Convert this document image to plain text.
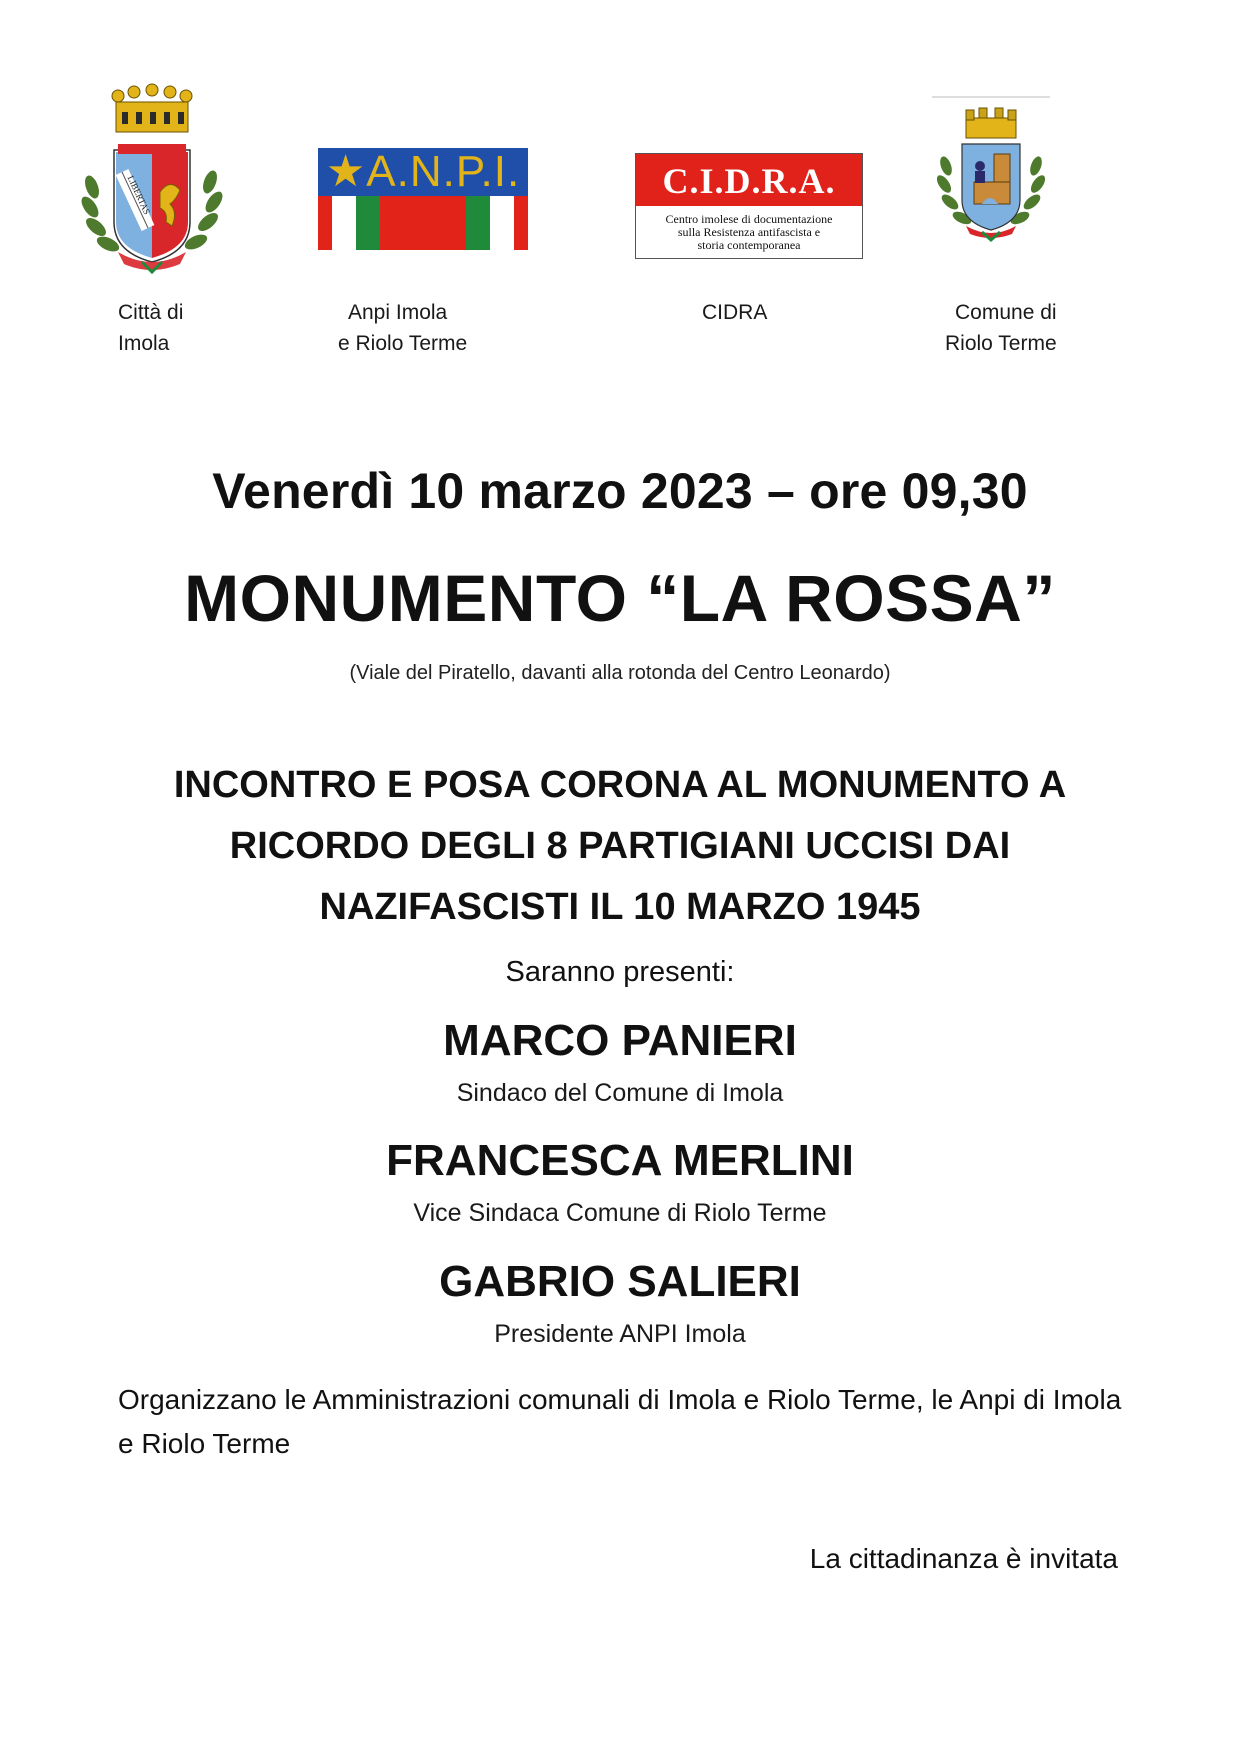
LIBERTAS
Città di
Imola
★A.N.P.I.
Anpi Imola
e Riolo Terme
C.I.D.R.A.
Centro imolese di documentazione
sulla Resistenza antifascista e
storia contemporanea
CIDRA	Comune di
Riolo Terme
Venerdì 10 marzo 2023 – ore 09,30
MONUMENTO “LA ROSSA”
(Viale del Piratello, davanti alla rotonda del Centro Leonardo)
INCONTRO E POSA CORONA AL MONUMENTO A
RICORDO DEGLI 8 PARTIGIANI UCCISI DAI
NAZIFASCISTI IL 10 MARZO 1945
Saranno presenti:
MARCO PANIERI
Sindaco del Comune di Imola
FRANCESCA MERLINI
Vice Sindaca Comune di Riolo Terme
GABRIO SALIERI
Presidente ANPI Imola
Organizzano le Amministrazioni comunali di Imola e Riolo Terme, le Anpi di Imola e Riolo Terme
La cittadinanza è invitata
